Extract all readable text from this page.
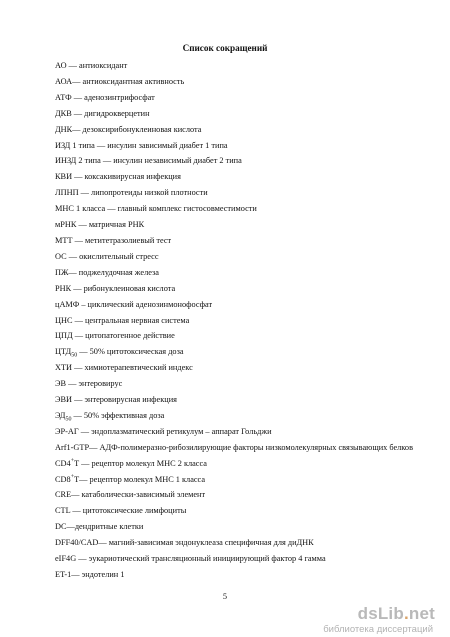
Список сокращений
АО — антиоксидант
АОА— антиоксидантная активность
АТФ — аденозинтрифосфат
ДКВ — дигидрокверцетин
ДНК— дезоксирибонуклеиновая кислота
ИЗД 1 типа — инсулин зависимый диабет 1 типа
ИНЗД 2 типа — инсулин независимый диабет 2 типа
КВИ — коксакивирусная инфекция
ЛПНП — липопротеиды низкой плотности
МНС 1 класса — главный комплекс гистосовместимости
мРНК — матричная РНК
МТТ — метитетразолиевый тест
ОС — окислительный стресс
ПЖ— поджелудочная железа
РНК — рибонуклеиновая кислота
цАМФ – циклический аденозинмонофосфат
ЦНС — центральная нервная система
ЦПД — цитопатогенное действие
$ЦТД_{50}$ — 50% цитотоксическая доза
ХТИ — химиотерапевтический индекс
ЭВ — энтеровирус
ЭВИ — энтеровирусная инфекция
$ЭД_{50}$ — 50% эффективная доза
ЭР-АГ — эндоплазматический ретикулум – аппарат Гольджи
Arf1-GTP— АДФ-полимеразно-рибозилирующие факторы низкомолекулярных связывающих белков
CD4+T — рецептор молекул МНС 2 класса
CD8+T— рецептор молекул МНС 1 класса
CRE— катаболически-зависимый элемент
CTL — цитотоксические лимфоциты
DC—дендритные клетки
DFF40/CAD— магний-зависимая эндонуклеаза специфичная для диДНК
eIF4G — эукариотический трансляционный инициирующий фактор 4 гамма
ET-1— эндотелин 1
5
dsLib.net
библиотека диссертаций
